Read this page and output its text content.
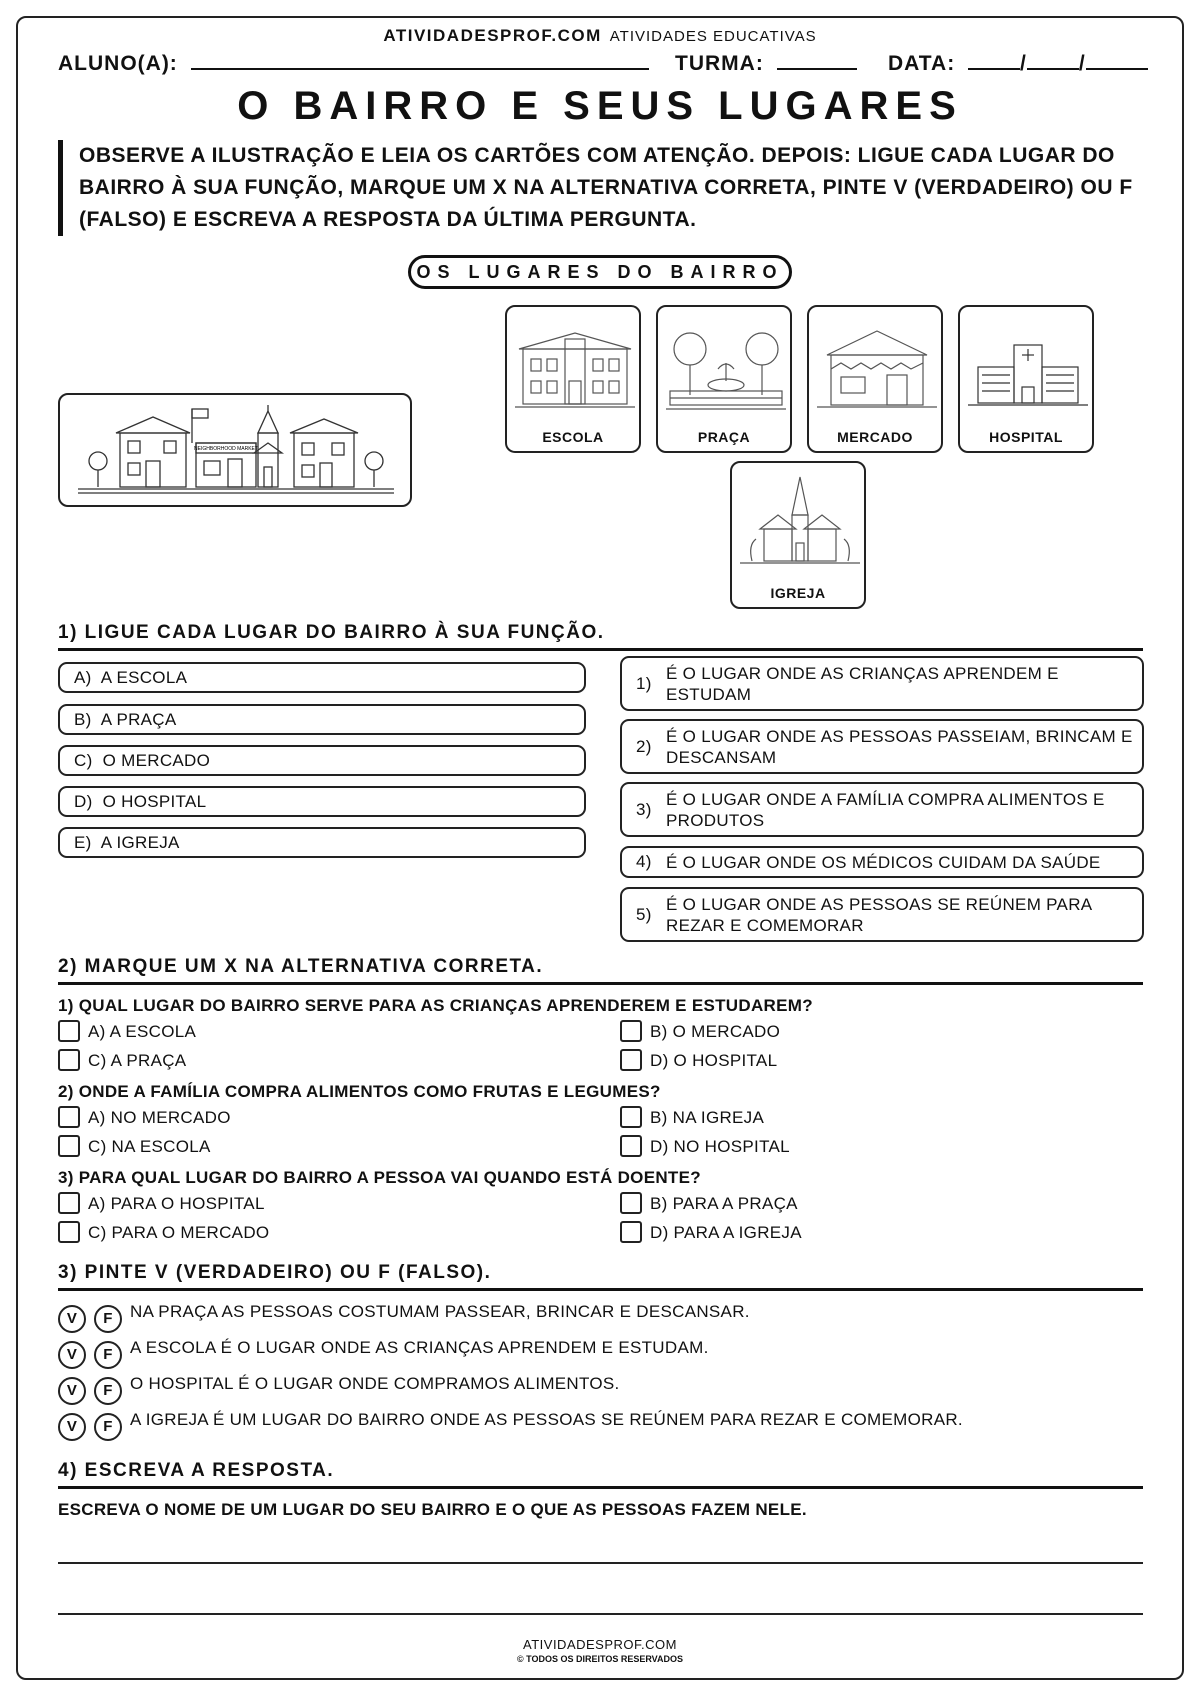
ATIVIDADESPROF.COM ATIVIDADES EDUCATIVAS
ALUNO(A):	TURMA:	DATA:	/ /
O BAIRRO E SEUS LUGARES
OBSERVE A ILUSTRAÇÃO E LEIA OS CARTÕES COM ATENÇÃO. DEPOIS: LIGUE CADA LUGAR DO BAIRRO À SUA FUNÇÃO, MARQUE UM X NA ALTERNATIVA CORRETA, PINTE V (VERDADEIRO) OU F (FALSO) E ESCREVA A RESPOSTA DA ÚLTIMA PERGUNTA.
OS LUGARES DO BAIRRO
NEIGHBORHOOD MARKET
ESCOLA	PRAÇA	MERCADO	HOSPITAL
IGREJA
1) LIGUE CADA LUGAR DO BAIRRO À SUA FUNÇÃO.
A) A ESCOLA
B) A PRAÇA
C) O MERCADO
D) O HOSPITAL
E) A IGREJA
1)
É O LUGAR ONDE AS CRIANÇAS APRENDEM E ESTUDAM
2)
É O LUGAR ONDE AS PESSOAS PASSEIAM, BRINCAM E DESCANSAM
3)
É O LUGAR ONDE A FAMÍLIA COMPRA ALIMENTOS E PRODUTOS
4) É O LUGAR ONDE OS MÉDICOS CUIDAM DA SAÚDE
5)
É O LUGAR ONDE AS PESSOAS SE REÚNEM PARA REZAR E COMEMORAR
2) MARQUE UM X NA ALTERNATIVA CORRETA.
1) QUAL LUGAR DO BAIRRO SERVE PARA AS CRIANÇAS APRENDEREM E ESTUDAREM?
A) A ESCOLA	B) O MERCADO
C) A PRAÇA	D) O HOSPITAL
2) ONDE A FAMÍLIA COMPRA ALIMENTOS COMO FRUTAS E LEGUMES?
A) NO MERCADO	B) NA IGREJA
C) NA ESCOLA	D) NO HOSPITAL
3) PARA QUAL LUGAR DO BAIRRO A PESSOA VAI QUANDO ESTÁ DOENTE?
A) PARA O HOSPITAL	B) PARA A PRAÇA
C) PARA O MERCADO	D) PARA A IGREJA
3) PINTE V (VERDADEIRO) OU F (FALSO).
V F NA PRAÇA AS PESSOAS COSTUMAM PASSEAR, BRINCAR E DESCANSAR.
V F A ESCOLA É O LUGAR ONDE AS CRIANÇAS APRENDEM E ESTUDAM.
V F O HOSPITAL É O LUGAR ONDE COMPRAMOS ALIMENTOS.
V F A IGREJA É UM LUGAR DO BAIRRO ONDE AS PESSOAS SE REÚNEM PARA REZAR E COMEMORAR.
4) ESCREVA A RESPOSTA.
ESCREVA O NOME DE UM LUGAR DO SEU BAIRRO E O QUE AS PESSOAS FAZEM NELE.
ATIVIDADESPROF.COM
© TODOS OS DIREITOS RESERVADOS
